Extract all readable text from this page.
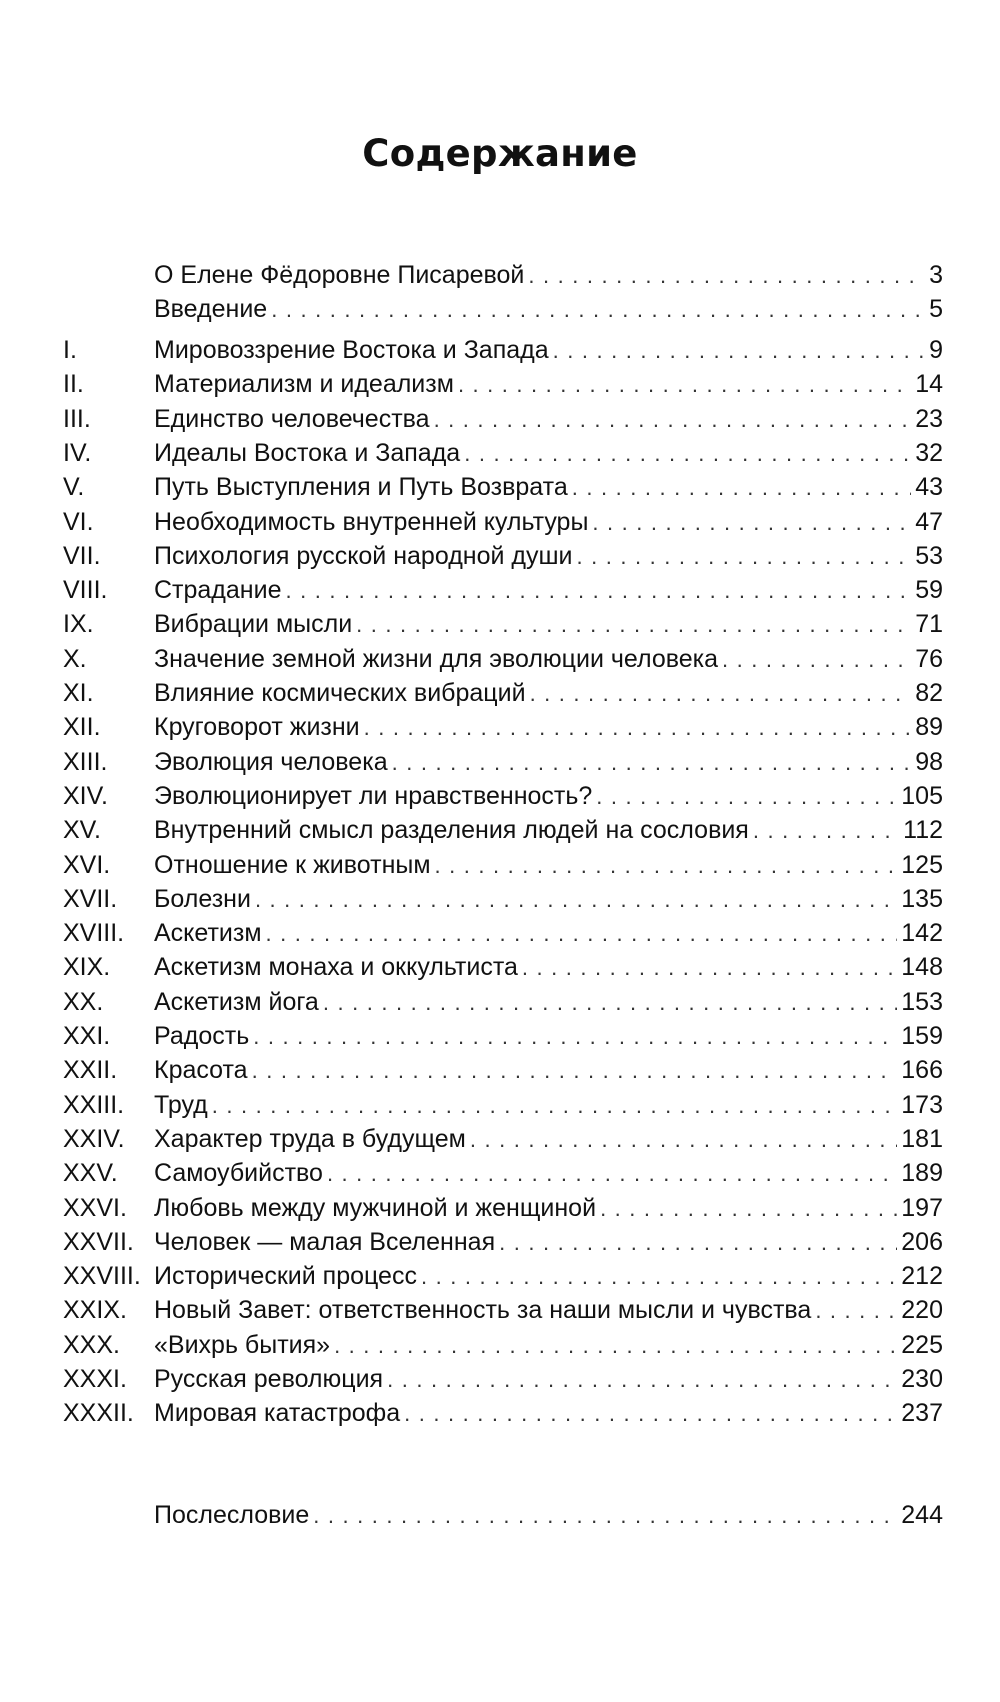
Содержание
О Елене Фёдоровне Писаревой . . .	3
Введение . . .	5
I.	Мировоззрение Востока и Запада . . .	9
II.	Материализм и идеализм . . .	14
III.	Единство человечества . . .	23
IV.	Идеалы Востока и Запада . . .	32
V.	Путь Выступления и Путь Возврата . . .	43
VI. Необходимость внутренней культуры . . .	47
VII. Психология русской народной души . . .	53
VIII. Страдание . . .	59
IX. Вибрации мысли . . .	71
X.	Значение земной жизни для эволюции человека . . .	76
XI. Влияние космических вибраций . . .	82
XII. Круговорот жизни . . .	89
XIII. Эволюция человека . . .	98
XIV. Эволюционирует ли нравственность? . . .	105
XV. Внутренний смысл разделения людей на сословия . . .	112
XVI. Отношение к животным . . .	125
XVII. Болезни . . .	135
XVIII. Аскетизм . . .	142
XIX. Аскетизм монаха и оккультиста . . .	148
XX. Аскетизм йога . . .	153
XXI. Радость . . .	159
XXII. Красота . . .	166
XXIII. Труд . . .	173
XXIV. Характер труда в будущем . . .	181
XXV. Самоубийство . . .	189
XXVI. Любовь между мужчиной и женщиной . . .	197
XXVII. Человек — малая Вселенная . . .	206
XXVIII. Исторический процесс . . .	212
XXIX. Новый Завет: ответственность за наши мысли и чувства . . .	220
XXX. «Вихрь бытия» . . .	225
XXXI. Русская революция . . .	230
XXXII. Мировая катастрофа . . .	237
Послесловие . . .	244
